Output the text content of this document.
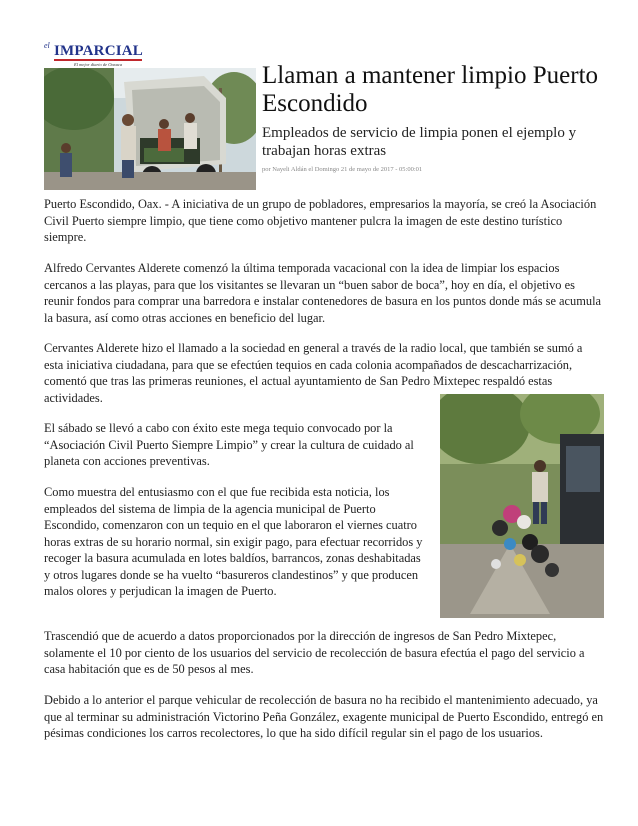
el IMPARCIAL
El mejor diario de Oaxaca	Llaman a mantener limpio Puerto Escondido

Empleados de servicio de limpia ponen el ejemplo y trabajan horas extras

por Nayeli Aldán el Domingo 21 de mayo de 2017 - 05:00:01

Puerto Escondido, Oax. - A iniciativa de un grupo de pobladores, empresarios la mayoría, se creó la Asociación Civil Puerto siempre limpio, que tiene como objetivo mantener pulcra la imagen de este destino turístico siempre.

Alfredo Cervantes Alderete comenzó la última temporada vacacional con la idea de limpiar los espacios cercanos a las playas, para que los visitantes se llevaran un “buen sabor de boca”, hoy en día, el objetivo es reunir fondos para comprar una barredora e instalar contenedores de basura en los puntos donde más se acumula la basura, así como otras acciones en beneficio del lugar.

Cervantes Alderete hizo el llamado a la sociedad en general a través de la radio local, que también se sumó a esta iniciativa ciudadana, para que se efectúen tequios en cada colonia acompañados de descacharrización, comentó que tras las primeras reuniones, el actual ayuntamiento de San Pedro Mixtepec respaldó estas actividades.

El sábado se llevó a cabo con éxito este mega tequio convocado por la “Asociación Civil Puerto Siempre Limpio” y crear la cultura de cuidado al planeta con acciones preventivas.

Como muestra del entusiasmo con el que fue recibida esta noticia, los empleados del sistema de limpia de la agencia municipal de Puerto Escondido, comenzaron con un tequio en el que laboraron el viernes cuatro horas extras de su horario normal, sin exigir pago, para efectuar recorridos y recoger la basura acumulada en lotes baldíos, barrancos, zonas deshabitadas y otros lugares donde se ha vuelto “basureros clandestinos” y que producen malos olores y perjudican la imagen de Puerto.

Trascendió que de acuerdo a datos proporcionados por la dirección de ingresos de San Pedro Mixtepec, solamente el 10 por ciento de los usuarios del servicio de recolección de basura efectúa el pago del servicio a casa habitación que es de 50 pesos al mes.

Debido a lo anterior el parque vehicular de recolección de basura no ha recibido el mantenimiento adecuado, ya que al terminar su administración Victorino Peña González, exagente municipal de Puerto Escondido, entregó en pésimas condiciones los carros recolectores, lo que ha sido difícil regular sin el pago de los usuarios.
